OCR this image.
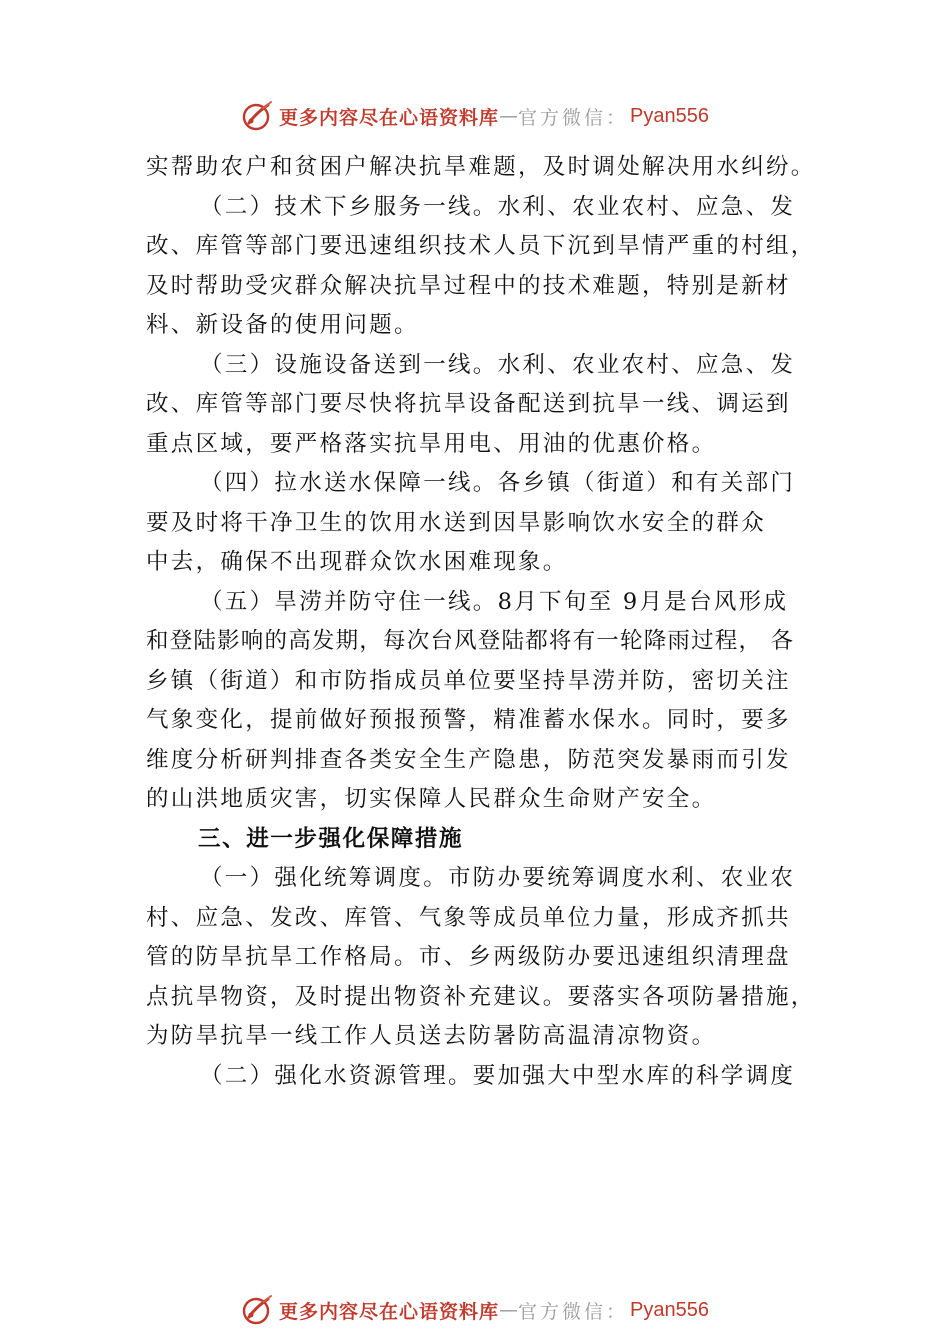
更多内容尽在心语资料库 — 官方微信： Pyan556
实帮助农户和贫困户解决抗旱难题，及时调处解决用水纠纷。
（二）技术下乡服务一线。水利、农业农村、应急、发
改、库管等部门要迅速组织技术人员下沉到旱情严重的村组，
及时帮助受灾群众解决抗旱过程中的技术难题，特别是新材
料、新设备的使用问题。
（三）设施设备送到一线。水利、农业农村、应急、发
改、库管等部门要尽快将抗旱设备配送到抗旱一线、调运到
重点区域，要严格落实抗旱用电、用油的优惠价格。
（四）拉水送水保障一线。各乡镇（街道）和有关部门
要及时将干净卫生的饮用水送到因旱影响饮水安全的群众
中去，确保不出现群众饮水困难现象。
（五）旱涝并防守住一线。8月下旬至 9月是台风形成
和登陆影响的高发期，每次台风登陆都将有一轮降雨过程， 各
乡镇（街道）和市防指成员单位要坚持旱涝并防，密切关注
气象变化，提前做好预报预警，精准蓄水保水。同时，要多
维度分析研判排查各类安全生产隐患，防范突发暴雨而引发
的山洪地质灾害，切实保障人民群众生命财产安全。
三、进一步强化保障措施
（一）强化统筹调度。市防办要统筹调度水利、农业农
村、应急、发改、库管、气象等成员单位力量，形成齐抓共
管的防旱抗旱工作格局。市、乡两级防办要迅速组织清理盘
点抗旱物资，及时提出物资补充建议。要落实各项防暑措施，
为防旱抗旱一线工作人员送去防暑防高温清凉物资。
（二）强化水资源管理。要加强大中型水库的科学调度
更多内容尽在心语资料库 — 官方微信： Pyan556
